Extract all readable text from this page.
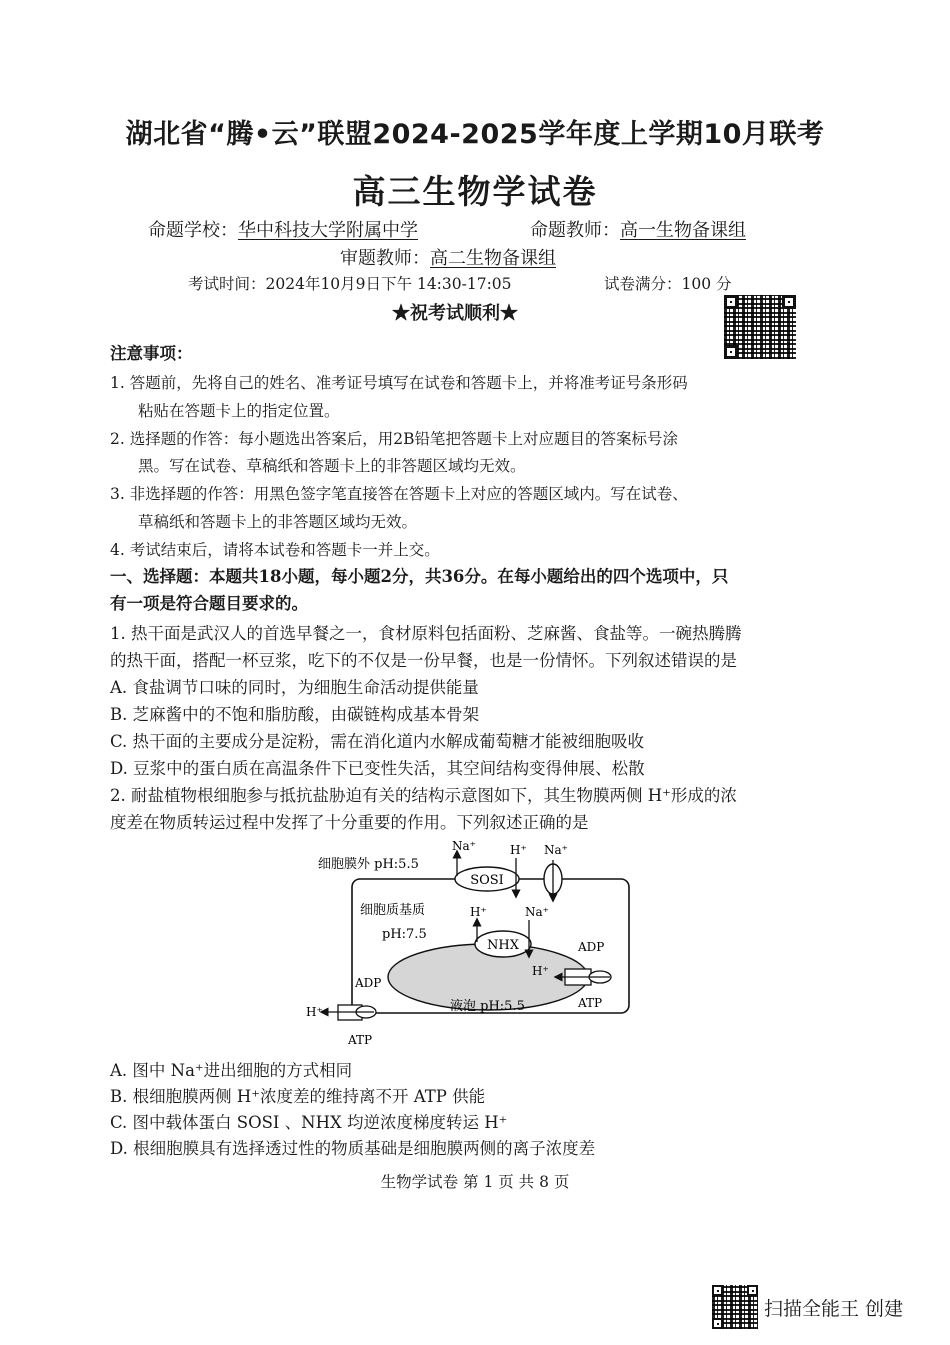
湖北省“腾•云”联盟2024-2025学年度上学期10月联考
高三生物学试卷
命题学校：华中科技大学附属中学	命题教师：高一生物备课组
审题教师：高二生物备课组
考试时间：2024年10月9日下午 14:30-17:05	试卷满分：100 分
★祝考试顺利★
注意事项：
1. 答题前，先将自己的姓名、准考证号填写在试卷和答题卡上，并将准考证号条形码
粘贴在答题卡上的指定位置。
2. 选择题的作答：每小题选出答案后，用2B铅笔把答题卡上对应题目的答案标号涂
黑。写在试卷、草稿纸和答题卡上的非答题区域均无效。
3. 非选择题的作答：用黑色签字笔直接答在答题卡上对应的答题区域内。写在试卷、
草稿纸和答题卡上的非答题区域均无效。
4. 考试结束后，请将本试卷和答题卡一并上交。
一、选择题：本题共18小题，每小题2分，共36分。在每小题给出的四个选项中，只
有一项是符合题目要求的。
1. 热干面是武汉人的首选早餐之一，食材原料包括面粉、芝麻酱、食盐等。一碗热腾腾
的热干面，搭配一杯豆浆，吃下的不仅是一份早餐，也是一份情怀。下列叙述错误的是
A. 食盐调节口味的同时，为细胞生命活动提供能量
B. 芝麻酱中的不饱和脂肪酸，由碳链构成基本骨架
C. 热干面的主要成分是淀粉，需在消化道内水解成葡萄糖才能被细胞吸收
D. 豆浆中的蛋白质在高温条件下已变性失活，其空间结构变得伸展、松散
2. 耐盐植物根细胞参与抵抗盐胁迫有关的结构示意图如下，其生物膜两侧 H⁺形成的浓
度差在物质转运过程中发挥了十分重要的作用。下列叙述正确的是
SOSI
NHX
Na⁺	H⁺ Na⁺
H⁺	Na⁺
细胞膜外 pH:5.5
细胞质基质
pH:7.5
液泡 pH:5.5
ADP
H⁺
ATP
ADP
H⁺
ATP
A. 图中 Na⁺进出细胞的方式相同
B. 根细胞膜两侧 H⁺浓度差的维持离不开 ATP 供能
C. 图中载体蛋白 SOSI 、NHX 均逆浓度梯度转运 H⁺
D. 根细胞膜具有选择透过性的物质基础是细胞膜两侧的离子浓度差
生物学试卷 第 1 页 共 8 页
扫描全能王 创建
